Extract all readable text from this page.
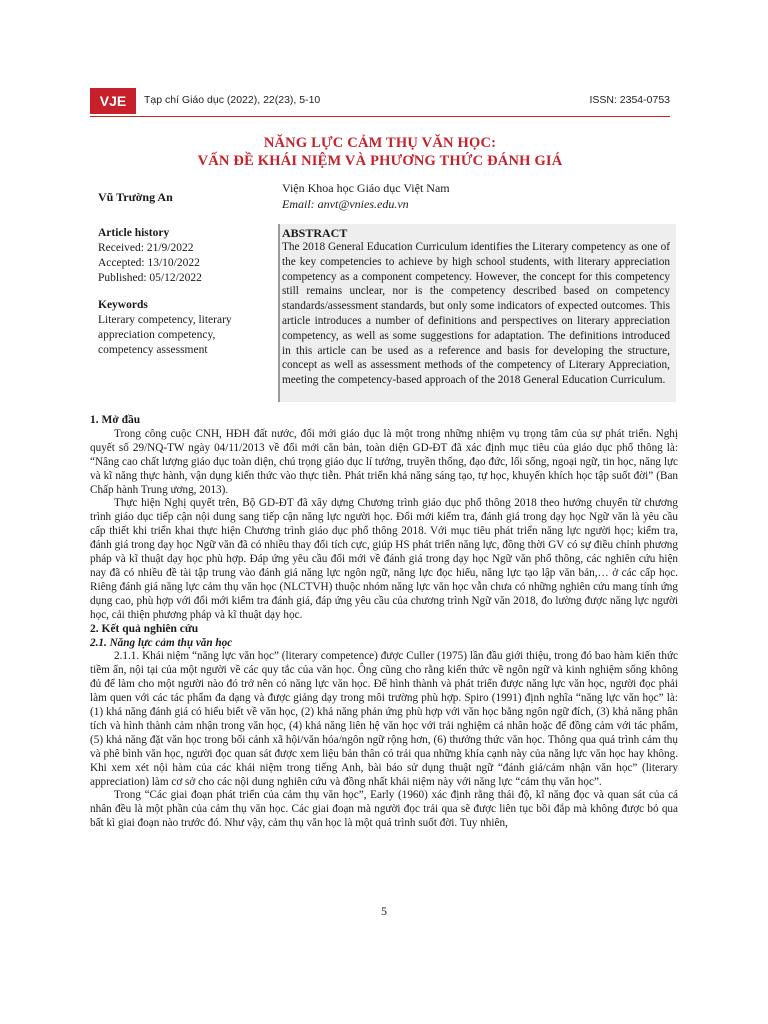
VJE	Tạp chí Giáo dục (2022), 22(23), 5-10	ISSN: 2354-0753
NĂNG LỰC CẢM THỤ VĂN HỌC:
VẤN ĐỀ KHÁI NIỆM VÀ PHƯƠNG THỨC ĐÁNH GIÁ
Vũ Trường An
Viện Khoa học Giáo dục Việt Nam
Email: anvt@vnies.edu.vn
Article history
Received: 21/9/2022
Accepted: 13/10/2022
Published: 05/12/2022
Keywords
Literary competency, literary
appreciation competency,
competency assessment
ABSTRACT
The 2018 General Education Curriculum identifies the Literary competency as one of the key competencies to achieve by high school students, with literary appreciation competency as a component competency. However, the concept for this competency still remains unclear, nor is the competency described based on competency standards/assessment standards, but only some indicators of expected outcomes. This article introduces a number of definitions and perspectives on literary appreciation competency, as well as some suggestions for adaptation. The definitions introduced in this article can be used as a reference and basis for developing the structure, concept as well as assessment methods of the competency of Literary Appreciation, meeting the competency-based approach of the 2018 General Education Curriculum.
1. Mở đầu

Trong công cuộc CNH, HĐH đất nước, đổi mới giáo dục là một trong những nhiệm vụ trọng tâm của sự phát triển. Nghị quyết số 29/NQ-TW ngày 04/11/2013 về đổi mới căn bản, toàn diện GD-ĐT đã xác định mục tiêu của giáo dục phổ thông là: “Nâng cao chất lượng giáo dục toàn diện, chú trọng giáo dục lí tưởng, truyền thống, đạo đức, lối sống, ngoại ngữ, tin học, năng lực và kĩ năng thực hành, vận dụng kiến thức vào thực tiễn. Phát triển khả năng sáng tạo, tự học, khuyến khích học tập suốt đời” (Ban Chấp hành Trung ương, 2013).

Thực hiện Nghị quyết trên, Bộ GD-ĐT đã xây dựng Chương trình giáo dục phổ thông 2018 theo hướng chuyển từ chương trình giáo dục tiếp cận nội dung sang tiếp cận năng lực người học. Đổi mới kiểm tra, đánh giá trong dạy học Ngữ văn là yêu cầu cấp thiết khi triển khai thực hiện Chương trình giáo dục phổ thông 2018. Với mục tiêu phát triển năng lực người học; kiểm tra, đánh giá trong dạy học Ngữ văn đã có nhiều thay đổi tích cực, giúp HS phát triển năng lực, đồng thời GV có sự điều chỉnh phương pháp và kĩ thuật dạy học phù hợp. Đáp ứng yêu cầu đổi mới về đánh giá trong dạy học Ngữ văn phổ thông, các nghiên cứu hiện nay đã có nhiều đề tài tập trung vào đánh giá năng lực ngôn ngữ, năng lực đọc hiểu, năng lực tạo lập văn bản,… ở các cấp học. Riêng đánh giá năng lực cảm thụ văn học (NLCTVH) thuộc nhóm năng lực văn học vẫn chưa có những nghiên cứu mang tính ứng dụng cao, phù hợp với đổi mới kiểm tra đánh giá, đáp ứng yêu cầu của chương trình Ngữ văn 2018, đo lường được năng lực người học, cải thiện phương pháp và kĩ thuật dạy học.

2. Kết quả nghiên cứu
2.1. Năng lực cảm thụ văn học

2.1.1. Khái niệm “năng lực văn học” (literary competence) được Culler (1975) lần đầu giới thiệu, trong đó bao hàm kiến thức tiềm ẩn, nội tại của một người về các quy tắc của văn học. Ông cũng cho rằng kiến thức về ngôn ngữ và kinh nghiệm sống không đủ để làm cho một người nào đó trở nên có năng lực văn học. Để hình thành và phát triển được năng lực văn học, người đọc phải làm quen với các tác phẩm đa dạng và được giảng dạy trong môi trường phù hợp. Spiro (1991) định nghĩa “năng lực văn học” là: (1) khả năng đánh giá có hiểu biết về văn học, (2) khả năng phản ứng phù hợp với văn học bằng ngôn ngữ đích, (3) khả năng phân tích và hình thành cảm nhận trong văn học, (4) khả năng liên hệ văn học với trải nghiệm cá nhân hoặc để đồng cảm với tác phẩm, (5) khả năng đặt văn học trong bối cảnh xã hội/văn hóa/ngôn ngữ rộng hơn, (6) thưởng thức văn học. Thông qua quá trình cảm thụ và phê bình văn học, người đọc quan sát được xem liệu bản thân có trải qua những khía cạnh này của năng lực văn học hay không. Khi xem xét nội hàm của các khái niệm trong tiếng Anh, bài báo sử dụng thuật ngữ “đánh giá/cảm nhận văn học” (literary appreciation) làm cơ sở cho các nội dung nghiên cứu và đồng nhất khái niệm này với năng lực “cảm thụ văn học”.

Trong “Các giai đoạn phát triển của cảm thụ văn học”, Early (1960) xác định rằng thái độ, kĩ năng đọc và quan sát của cá nhân đều là một phần của cảm thụ văn học. Các giai đoạn mà người đọc trải qua sẽ được liên tục bồi đắp mà không được bỏ qua bất kì giai đoạn nào trước đó. Như vậy, cảm thụ văn học là một quá trình suốt đời. Tuy nhiên,

5
